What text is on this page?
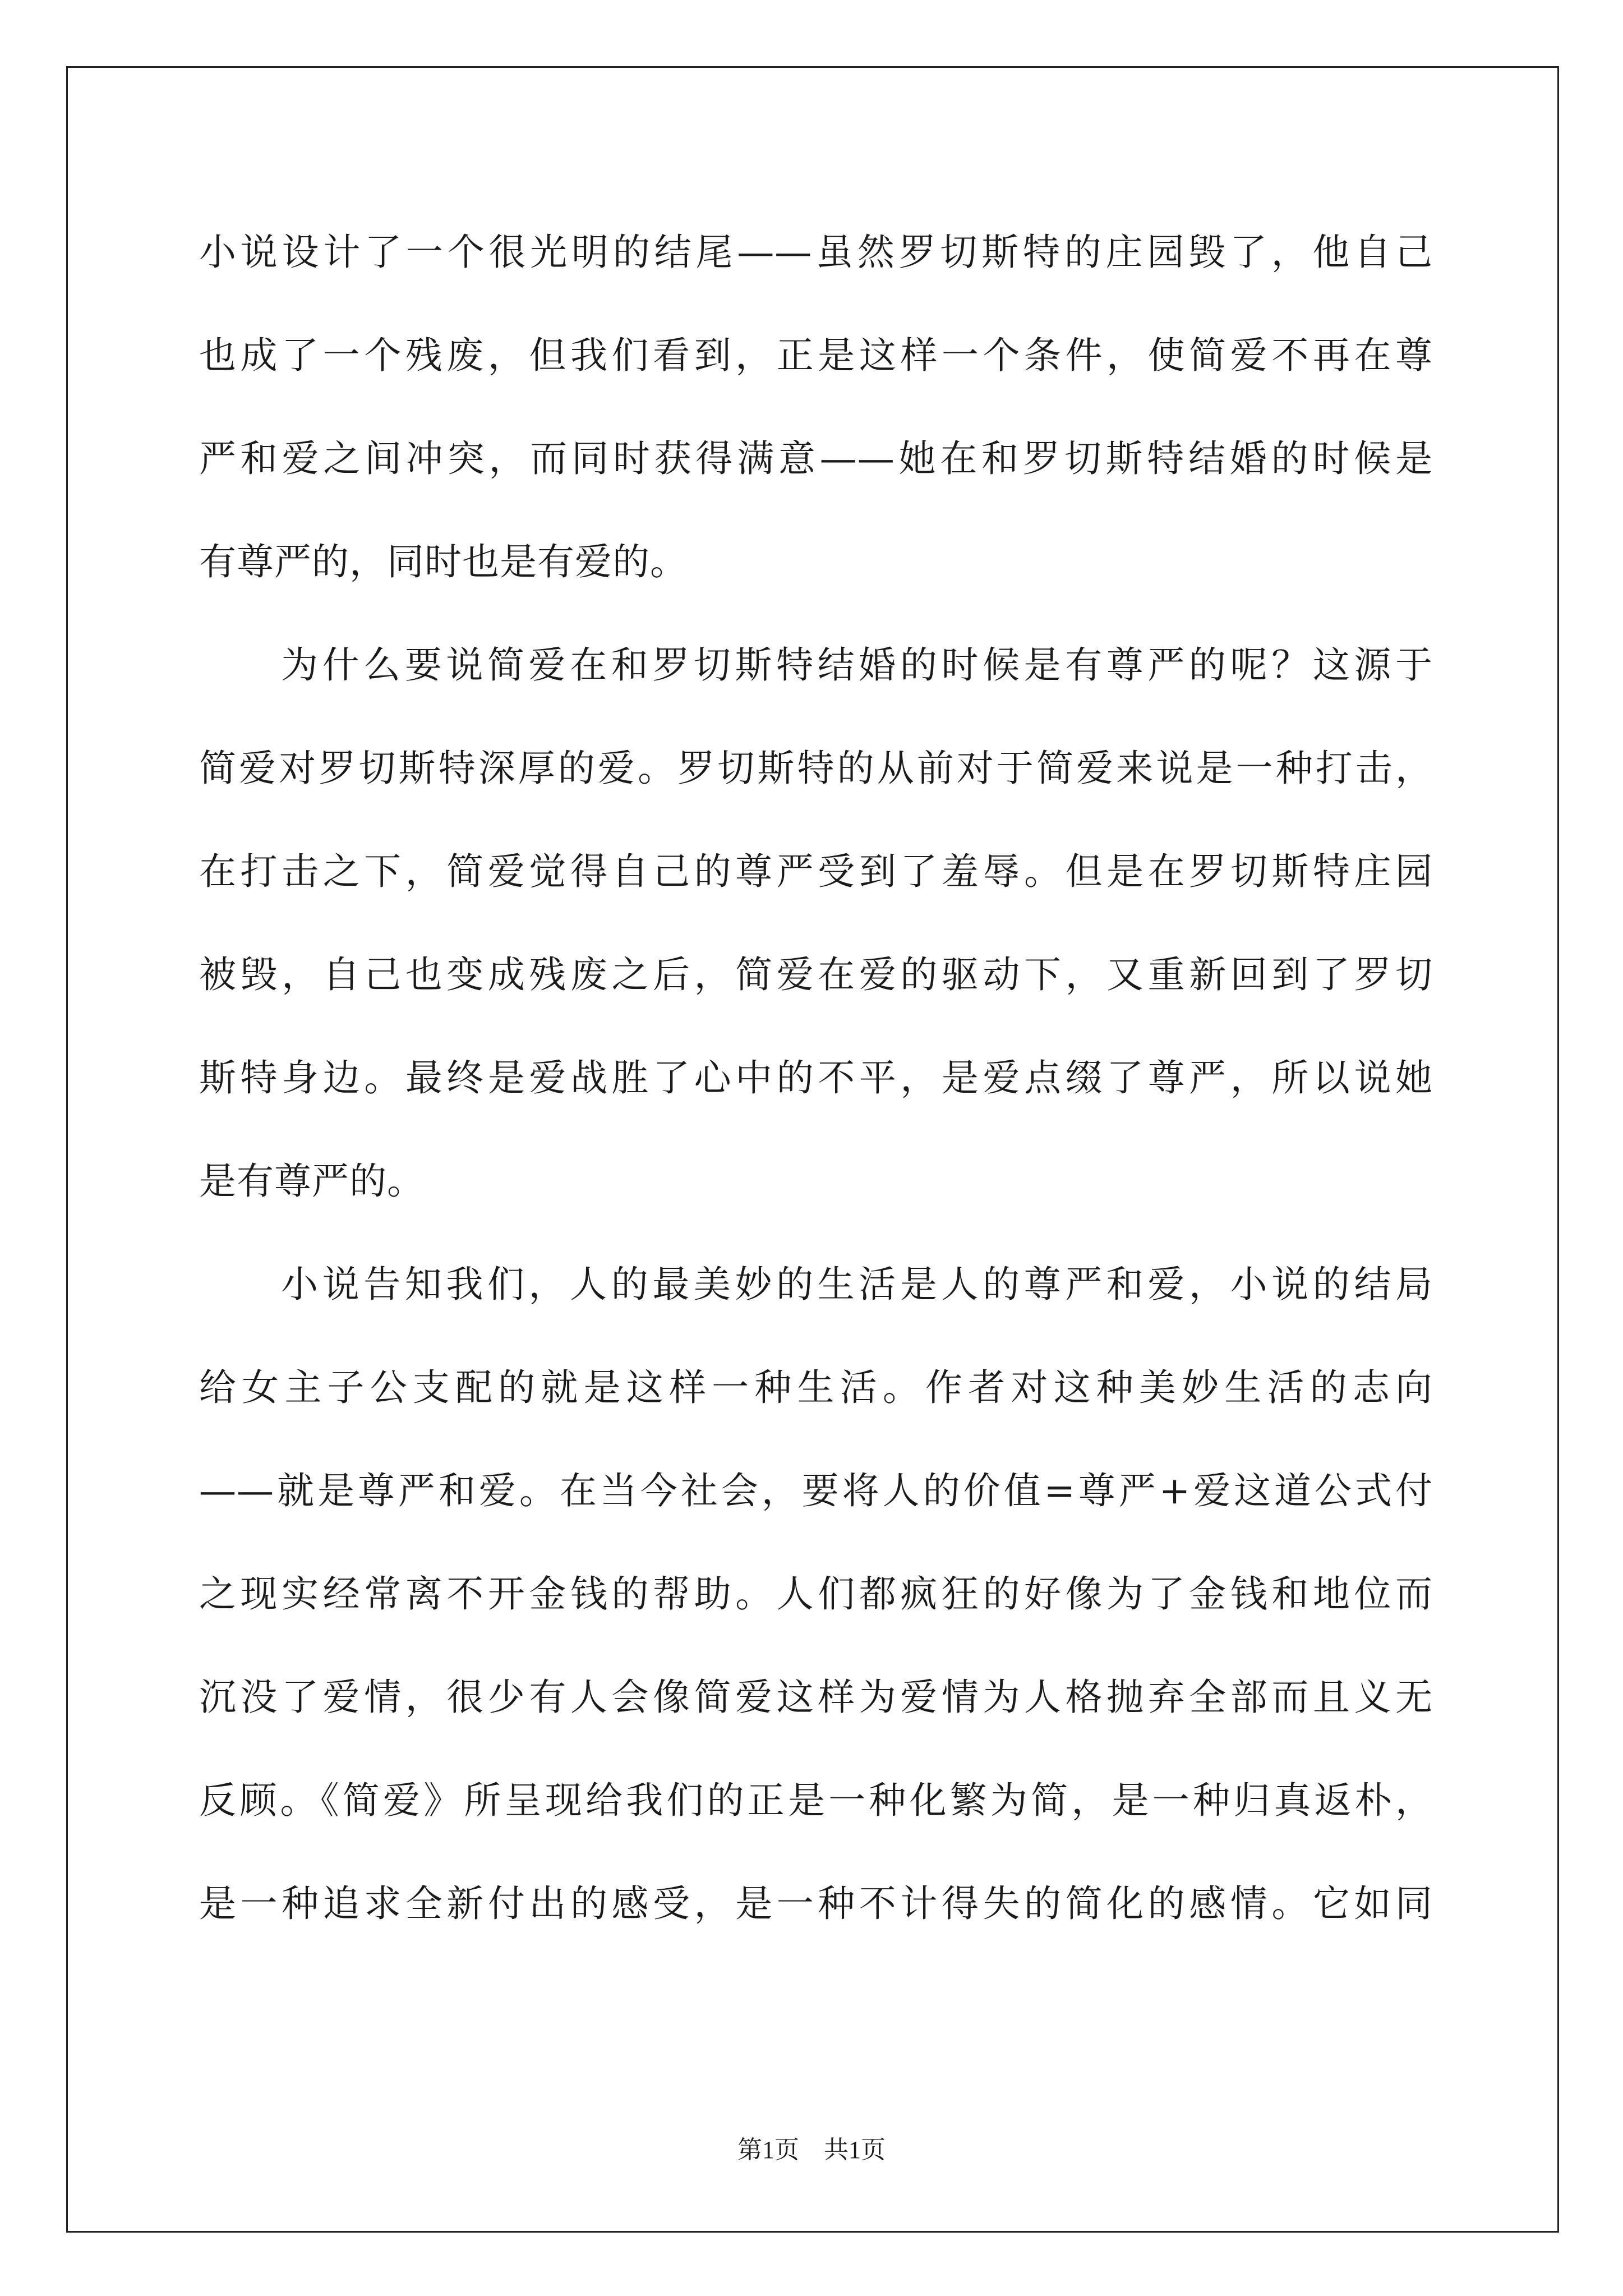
小说设计了一个很光明的结尾——虽然罗切斯特的庄园毁了，他自己
也成了一个残废，但我们看到，正是这样一个条件，使简爱不再在尊
严和爱之间冲突，而同时获得满意——她在和罗切斯特结婚的时候是
有尊严的，同时也是有爱的。
为什么要说简爱在和罗切斯特结婚的时候是有尊严的呢？这源于
简爱对罗切斯特深厚的爱。罗切斯特的从前对于简爱来说是一种打击，
在打击之下，简爱觉得自己的尊严受到了羞辱。但是在罗切斯特庄园
被毁，自己也变成残废之后，简爱在爱的驱动下，又重新回到了罗切
斯特身边。最终是爱战胜了心中的不平，是爱点缀了尊严，所以说她
是有尊严的。
小说告知我们，人的最美妙的生活是人的尊严和爱，小说的结局
给女主子公支配的就是这样一种生活。作者对这种美妙生活的志向
——就是尊严和爱。在当今社会，要将人的价值=尊严+爱这道公式付
之现实经常离不开金钱的帮助。人们都疯狂的好像为了金钱和地位而
沉没了爱情，很少有人会像简爱这样为爱情为人格抛弃全部而且义无
反顾。《简爱》所呈现给我们的正是一种化繁为简，是一种归真返朴，
是一种追求全新付出的感受，是一种不计得失的简化的感情。它如同
第1页 共1页
